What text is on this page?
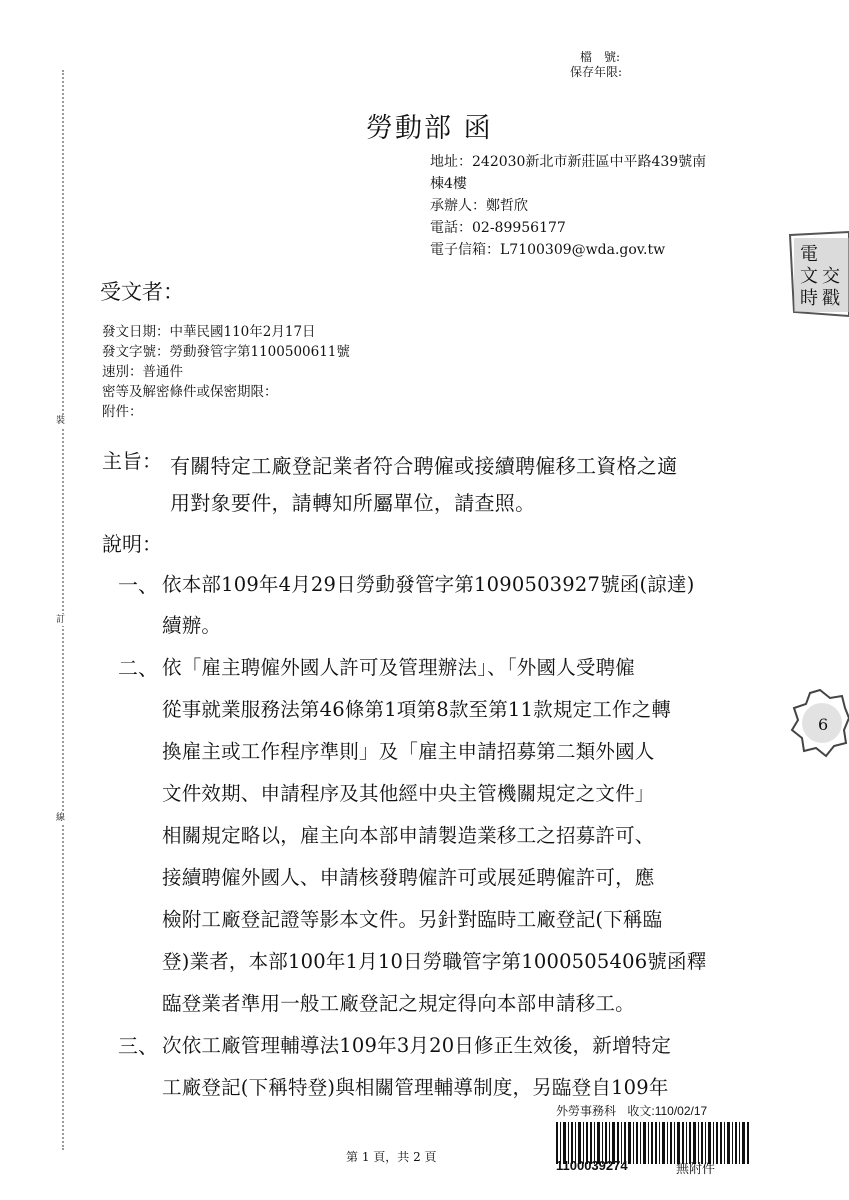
裝
訂
線
檔　號:
保存年限:
勞動部 函
地址：242030新北市新莊區中平路439號南
棟4樓
承辦人：鄭哲欣
電話：02-89956177
電子信箱：L7100309@wda.gov.tw
受文者：
發文日期：中華民國110年2月17日
發文字號：勞動發管字第1100500611號
速別：普通件
密等及解密條件或保密期限：
附件：
主旨： 有關特定工廠登記業者符合聘僱或接續聘僱移工資格之適
用對象要件，請轉知所屬單位，請查照。
說明：
一、 依本部109年4月29日勞動發管字第1090503927號函(諒達)
續辦。
二、 依「雇主聘僱外國人許可及管理辦法」、「外國人受聘僱
從事就業服務法第46條第1項第8款至第11款規定工作之轉
換雇主或工作程序準則」及「雇主申請招募第二類外國人
文件效期、申請程序及其他經中央主管機關規定之文件」
相關規定略以，雇主向本部申請製造業移工之招募許可、
接續聘僱外國人、申請核發聘僱許可或展延聘僱許可，應
檢附工廠登記證等影本文件。另針對臨時工廠登記(下稱臨
登)業者，本部100年1月10日勞職管字第1000505406號函釋
臨登業者準用一般工廠登記之規定得向本部申請移工。
三、 次依工廠管理輔導法109年3月20日修正生效後，新增特定
工廠登記(下稱特登)與相關管理輔導制度，另臨登自109年
第 1 頁，共 2 頁
外勞事務科 收文:110/02/17
1100039274	無附件
電
文 交
時 戳
6
